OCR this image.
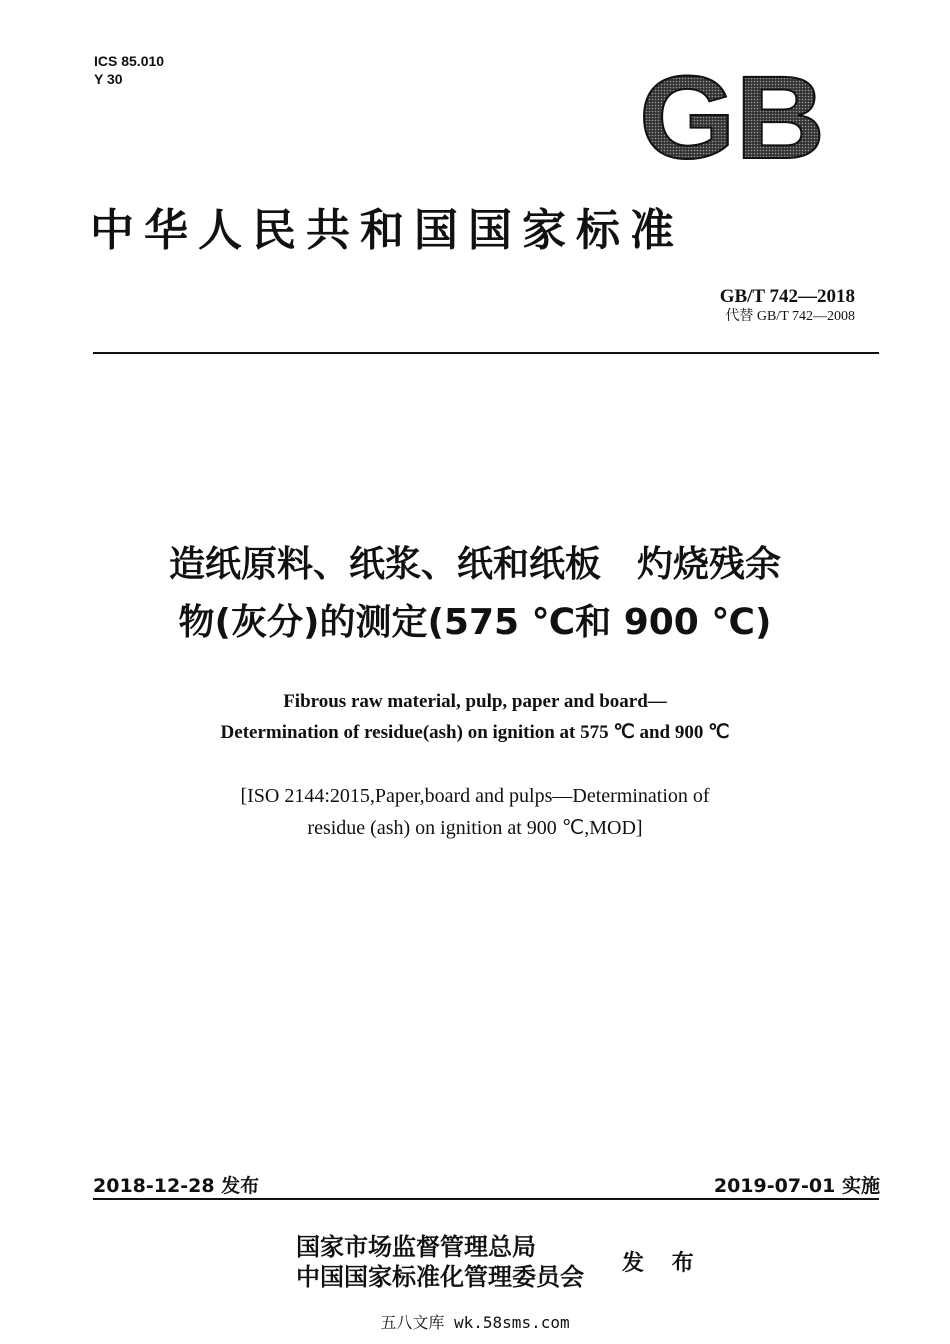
ICS 85.010
Y 30	GB
中华人民共和国国家标准
GB/T 742—2018
代替 GB/T 742—2008
造纸原料、纸浆、纸和纸板　灼烧残余
物(灰分)的测定(575 ℃和 900 ℃)
Fibrous raw material, pulp, paper and board—
Determination of residue(ash) on ignition at 575 ℃ and 900 ℃
[ISO 2144:2015,Paper,board and pulps—Determination of
residue (ash) on ignition at 900 ℃,MOD]
2018-12-28 发布	2019-07-01 实施
国家市场监督管理总局
中国国家标准化管理委员会 发 布
五八文库 wk.58sms.com
